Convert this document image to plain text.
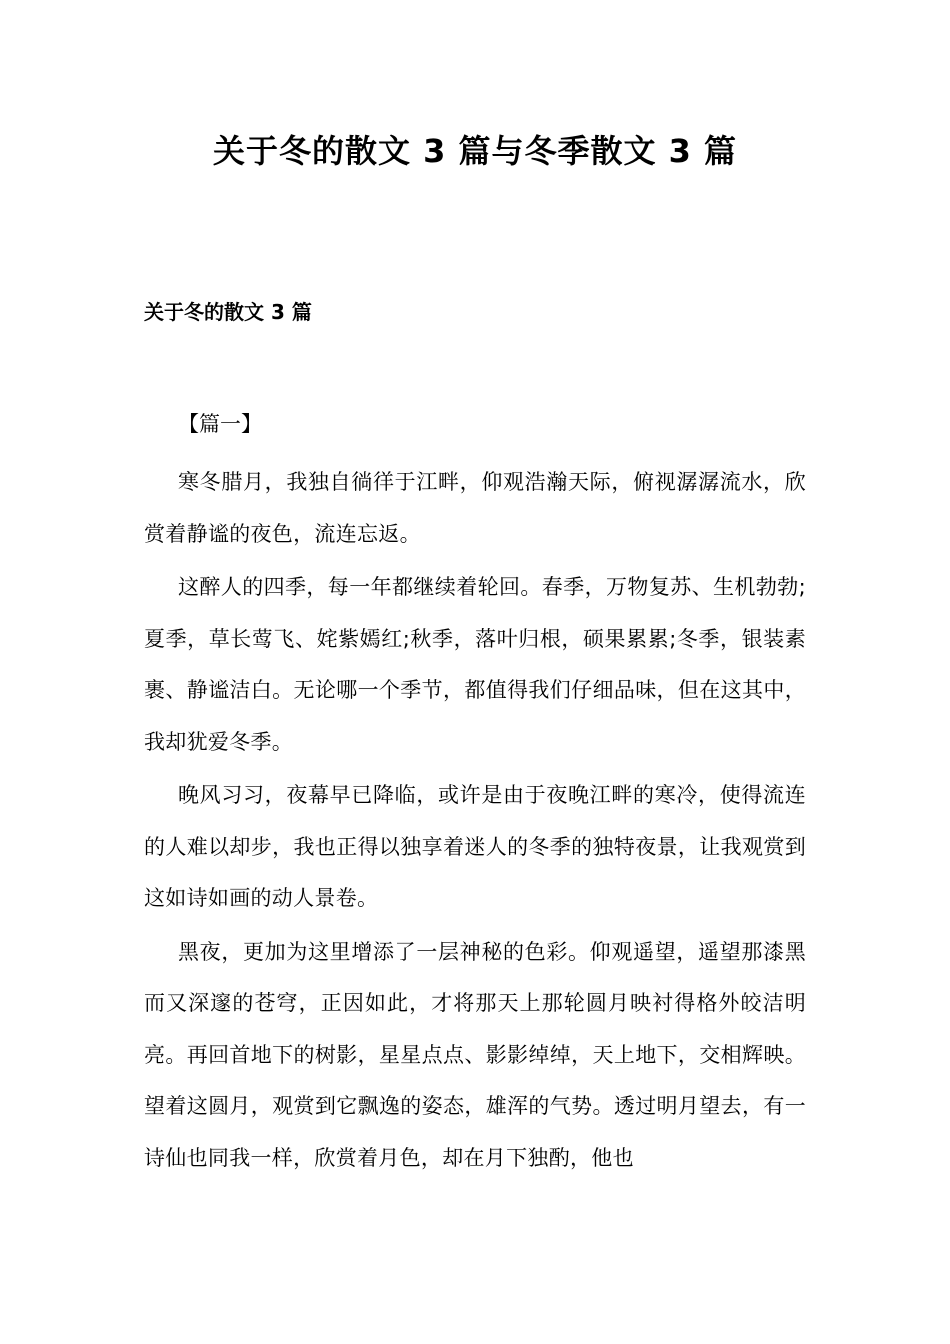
关于冬的散文 3 篇与冬季散文 3 篇
关于冬的散文 3 篇

【篇一】

寒冬腊月，我独自徜徉于江畔，仰观浩瀚天际，俯视潺潺流水，欣赏着静谧的夜色，流连忘返。

这醉人的四季，每一年都继续着轮回。春季，万物复苏、生机勃勃;夏季，草长莺飞、姹紫嫣红;秋季，落叶归根，硕果累累;冬季，银装素裹、静谧洁白。无论哪一个季节，都值得我们仔细品味，但在这其中，我却犹爱冬季。

晚风习习，夜幕早已降临，或许是由于夜晚江畔的寒冷，使得流连的人难以却步，我也正得以独享着迷人的冬季的独特夜景，让我观赏到这如诗如画的动人景卷。

黑夜，更加为这里增添了一层神秘的色彩。仰观遥望，遥望那漆黑而又深邃的苍穹，正因如此，才将那天上那轮圆月映衬得格外皎洁明亮。再回首地下的树影，星星点点、影影绰绰，天上地下，交相辉映。望着这圆月，观赏到它飘逸的姿态，雄浑的气势。透过明月望去，有一诗仙也同我一样，欣赏着月色，却在月下独酌，他也
